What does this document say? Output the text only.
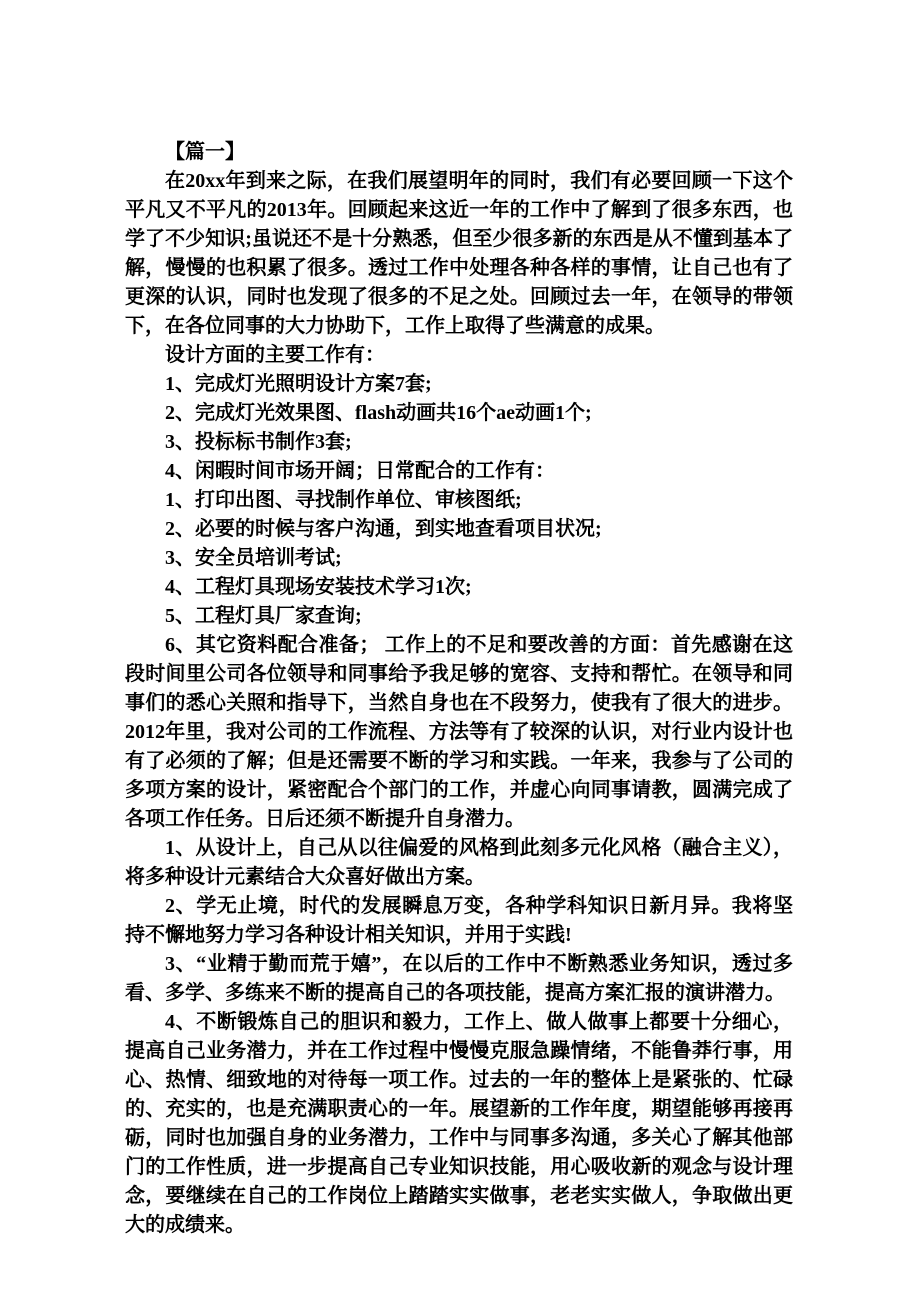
【篇一】

在20xx年到来之际，在我们展望明年的同时，我们有必要回顾一下这个平凡又不平凡的2013年。回顾起来这近一年的工作中了解到了很多东西，也学了不少知识;虽说还不是十分熟悉，但至少很多新的东西是从不懂到基本了解，慢慢的也积累了很多。透过工作中处理各种各样的事情，让自己也有了更深的认识，同时也发现了很多的不足之处。回顾过去一年，在领导的带领下，在各位同事的大力协助下，工作上取得了些满意的成果。

设计方面的主要工作有：

1、完成灯光照明设计方案7套;

2、完成灯光效果图、flash动画共16个ae动画1个;

3、投标标书制作3套;

4、闲暇时间市场开阔；日常配合的工作有：

1、打印出图、寻找制作单位、审核图纸;

2、必要的时候与客户沟通，到实地查看项目状况;

3、安全员培训考试;

4、工程灯具现场安装技术学习1次;

5、工程灯具厂家查询;

6、其它资料配合准备； 工作上的不足和要改善的方面：首先感谢在这段时间里公司各位领导和同事给予我足够的宽容、支持和帮忙。在领导和同事们的悉心关照和指导下，当然自身也在不段努力，使我有了很大的进步。2012年里，我对公司的工作流程、方法等有了较深的认识，对行业内设计也有了必须的了解；但是还需要不断的学习和实践。一年来，我参与了公司的多项方案的设计，紧密配合个部门的工作，并虚心向同事请教，圆满完成了各项工作任务。日后还须不断提升自身潜力。

1、从设计上，自己从以往偏爱的风格到此刻多元化风格（融合主义），将多种设计元素结合大众喜好做出方案。

2、学无止境，时代的发展瞬息万变，各种学科知识日新月异。我将坚持不懈地努力学习各种设计相关知识，并用于实践!

3、“业精于勤而荒于嬉”，在以后的工作中不断熟悉业务知识，透过多看、多学、多练来不断的提高自己的各项技能，提高方案汇报的演讲潜力。

4、不断锻炼自己的胆识和毅力，工作上、做人做事上都要十分细心，提高自己业务潜力，并在工作过程中慢慢克服急躁情绪，不能鲁莽行事，用心、热情、细致地的对待每一项工作。过去的一年的整体上是紧张的、忙碌的、充实的，也是充满职责心的一年。展望新的工作年度，期望能够再接再砺，同时也加强自身的业务潜力，工作中与同事多沟通，多关心了解其他部门的工作性质，进一步提高自己专业知识技能，用心吸收新的观念与设计理念，要继续在自己的工作岗位上踏踏实实做事，老老实实做人，争取做出更大的成绩来。
